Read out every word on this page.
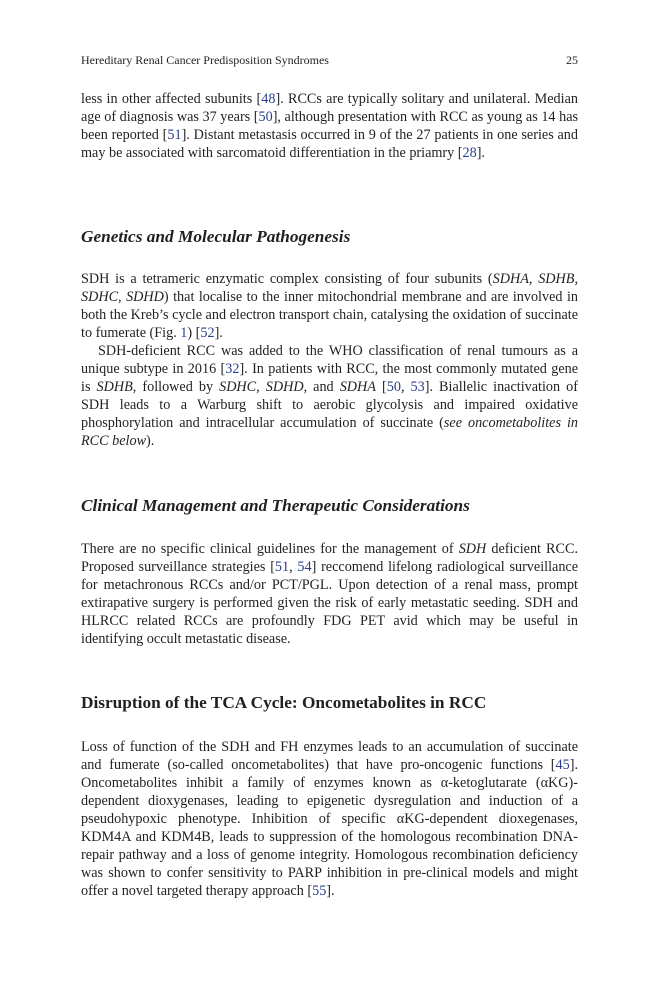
Hereditary Renal Cancer Predisposition Syndromes	25

less in other affected subunits [48]. RCCs are typically solitary and unilateral. Median age of diagnosis was 37 years [50], although presentation with RCC as young as 14 has been reported [51]. Distant metastasis occurred in 9 of the 27 patients in one series and may be associated with sarcomatoid differentiation in the priamry [28].

Genetics and Molecular Pathogenesis

SDH is a tetrameric enzymatic complex consisting of four subunits (SDHA, SDHB, SDHC, SDHD) that localise to the inner mitochondrial membrane and are involved in both the Kreb’s cycle and electron transport chain, catalysing the oxidation of succinate to fumerate (Fig. 1) [52].

SDH-deficient RCC was added to the WHO classification of renal tumours as a unique subtype in 2016 [32]. In patients with RCC, the most commonly mutated gene is SDHB, followed by SDHC, SDHD, and SDHA [50, 53]. Biallelic inactivation of SDH leads to a Warburg shift to aerobic glycolysis and impaired oxidative phosphorylation and intracellular accumulation of succinate (see oncometabolites in RCC below).

Clinical Management and Therapeutic Considerations

There are no specific clinical guidelines for the management of SDH deficient RCC. Proposed surveillance strategies [51, 54] reccomend lifelong radiological surveillance for metachronous RCCs and/or PCT/PGL. Upon detection of a renal mass, prompt extirapative surgery is performed given the risk of early metastatic seeding. SDH and HLRCC related RCCs are profoundly FDG PET avid which may be useful in identifying occult metastatic disease.

Disruption of the TCA Cycle: Oncometabolites in RCC

Loss of function of the SDH and FH enzymes leads to an accumulation of succinate and fumerate (so-called oncometabolites) that have pro-oncogenic functions [45]. Oncometabolites inhibit a family of enzymes known as α-ketoglutarate (αKG)-dependent dioxygenases, leading to epigenetic dysregulation and induction of a pseudohypoxic phenotype. Inhibition of specific αKG-dependent dioxegenases, KDM4A and KDM4B, leads to suppression of the homologous recombination DNA-repair pathway and a loss of genome integrity. Homologous recombination deficiency was shown to confer sensitivity to PARP inhibition in pre-clinical models and might offer a novel targeted therapy approach [55].
